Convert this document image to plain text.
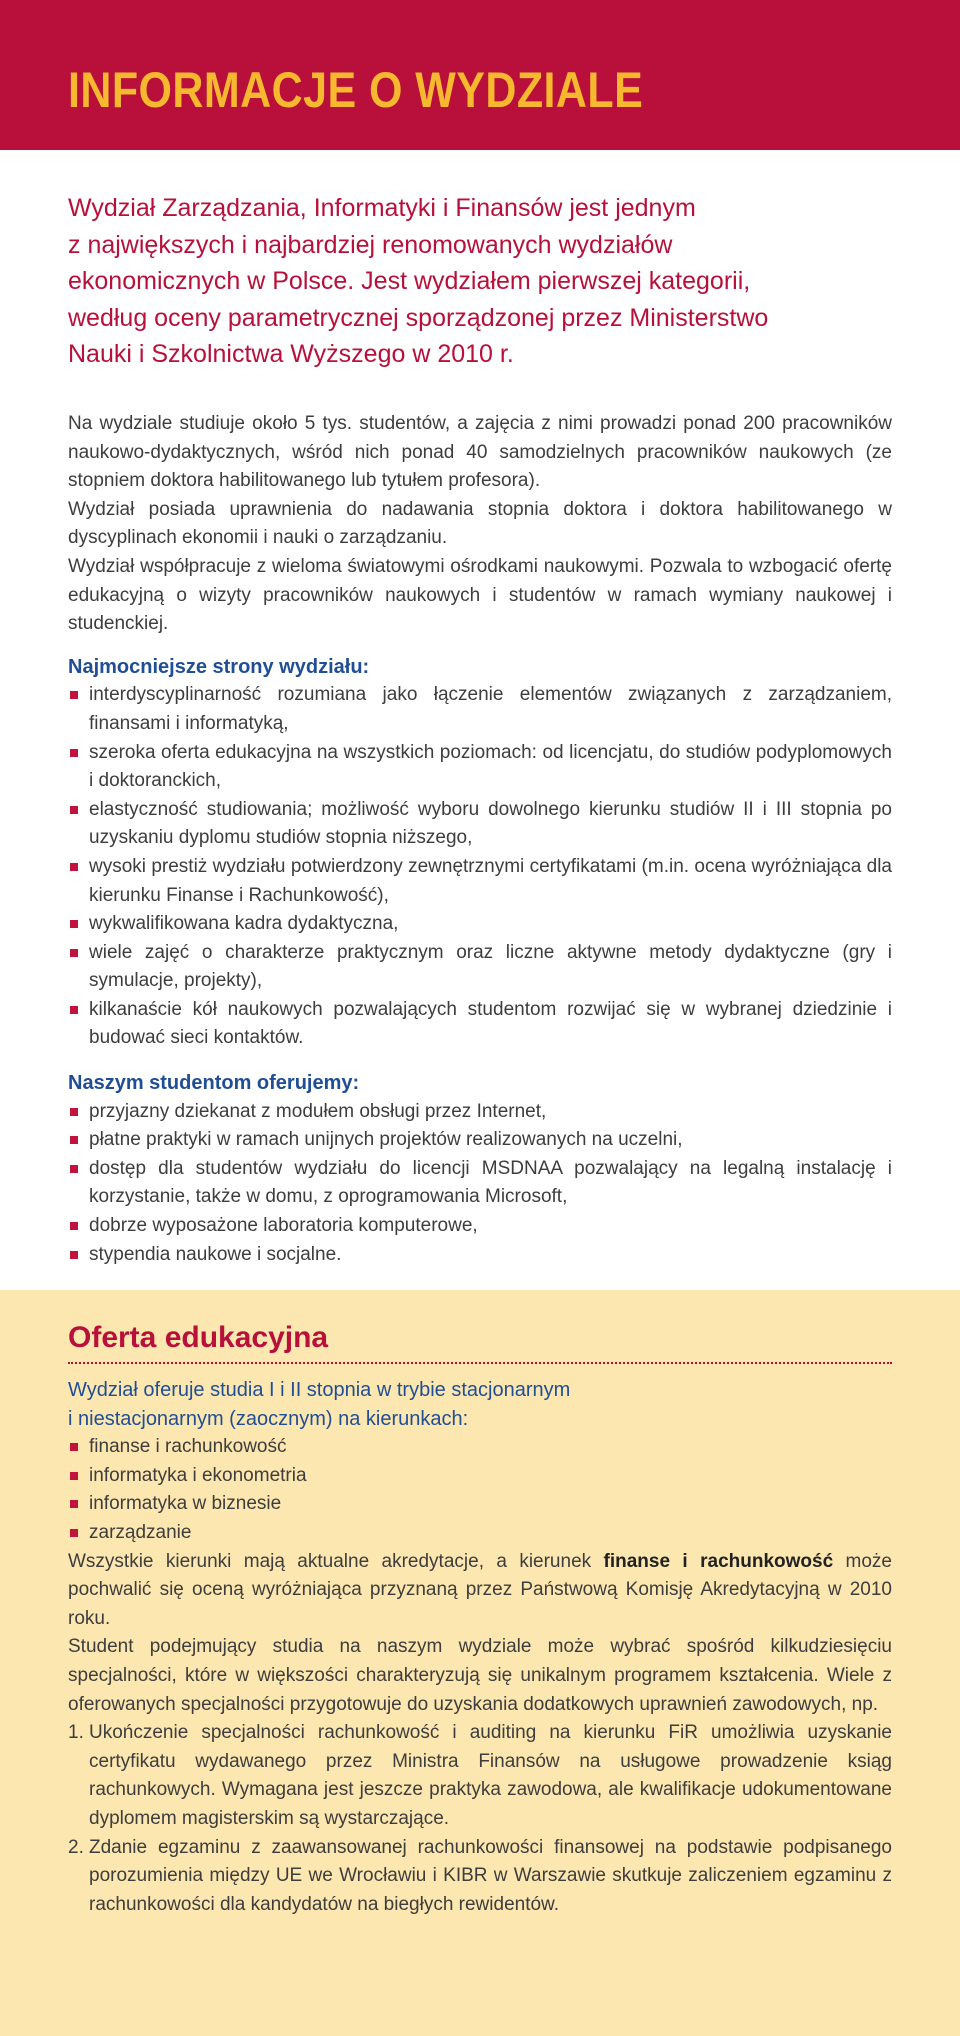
INFORMACJE O WYDZIALE
Wydział Zarządzania, Informatyki i Finansów jest jednym
z największych i najbardziej renomowanych wydziałów
ekonomicznych w Polsce. Jest wydziałem pierwszej kategorii,
według oceny parametrycznej sporządzonej przez Ministerstwo
Nauki i Szkolnictwa Wyższego w 2010 r.

Na wydziale studiuje około 5 tys. studentów, a zajęcia z nimi prowadzi ponad 200 pracowników naukowo-dydaktycznych, wśród nich ponad 40 samodzielnych pracowników naukowych (ze stopniem doktora habilitowanego lub tytułem profesora).

Wydział posiada uprawnienia do nadawania stopnia doktora i doktora habilitowanego w dyscyplinach ekonomii i nauki o zarządzaniu.

Wydział współpracuje z wieloma światowymi ośrodkami naukowymi. Pozwala to wzbogacić ofertę edukacyjną o wizyty pracowników naukowych i studentów w ramach wymiany naukowej i studenckiej.

Najmocniejsze strony wydziału:
interdyscyplinarność rozumiana jako łączenie elementów związanych z zarządzaniem, finansami i informatyką,
szeroka oferta edukacyjna na wszystkich poziomach: od licencjatu, do studiów podyplomowych i doktoranckich,
elastyczność studiowania; możliwość wyboru dowolnego kierunku studiów II i III stopnia po uzyskaniu dyplomu studiów stopnia niższego,
wysoki prestiż wydziału potwierdzony zewnętrznymi certyfikatami (m.in. ocena wyróżniająca dla kierunku Finanse i Rachunkowość),
wykwalifikowana kadra dydaktyczna,
wiele zajęć o charakterze praktycznym oraz liczne aktywne metody dydaktyczne (gry i symulacje, projekty),
kilkanaście kół naukowych pozwalających studentom rozwijać się w wybranej dziedzinie i budować sieci kontaktów.
Naszym studentom oferujemy:
przyjazny dziekanat z modułem obsługi przez Internet,
płatne praktyki w ramach unijnych projektów realizowanych na uczelni,
dostęp dla studentów wydziału do licencji MSDNAA pozwalający na legalną instalację i korzystanie, także w domu, z oprogramowania Microsoft,
dobrze wyposażone laboratoria komputerowe,
stypendia naukowe i socjalne.
Oferta edukacyjna
Wydział oferuje studia I i II stopnia w trybie stacjonarnym
i niestacjonarnym (zaocznym) na kierunkach:
finanse i rachunkowość
informatyka i ekonometria
informatyka w biznesie
zarządzanie

Wszystkie kierunki mają aktualne akredytacje, a kierunek finanse i rachunkowość może pochwalić się oceną wyróżniająca przyznaną przez Państwową Komisję Akredytacyjną w 2010 roku.

Student podejmujący studia na naszym wydziale może wybrać spośród kilkudziesięciu specjalności, które w większości charakteryzują się unikalnym programem kształcenia. Wiele z oferowanych specjalności przygotowuje do uzyskania dodatkowych uprawnień zawodowych, np.

1. Ukończenie specjalności rachunkowość i auditing na kierunku FiR umożliwia uzyskanie certyfikatu wydawanego przez Ministra Finansów na usługowe prowadzenie ksiąg rachunkowych. Wymagana jest jeszcze praktyka zawodowa, ale kwalifikacje udokumentowane dyplomem magisterskim są wystarczające.
2. Zdanie egzaminu z zaawansowanej rachunkowości finansowej na podstawie podpisanego porozumienia między UE we Wrocławiu i KIBR w Warszawie skutkuje zaliczeniem egzaminu z rachunkowości dla kandydatów na biegłych rewidentów.
